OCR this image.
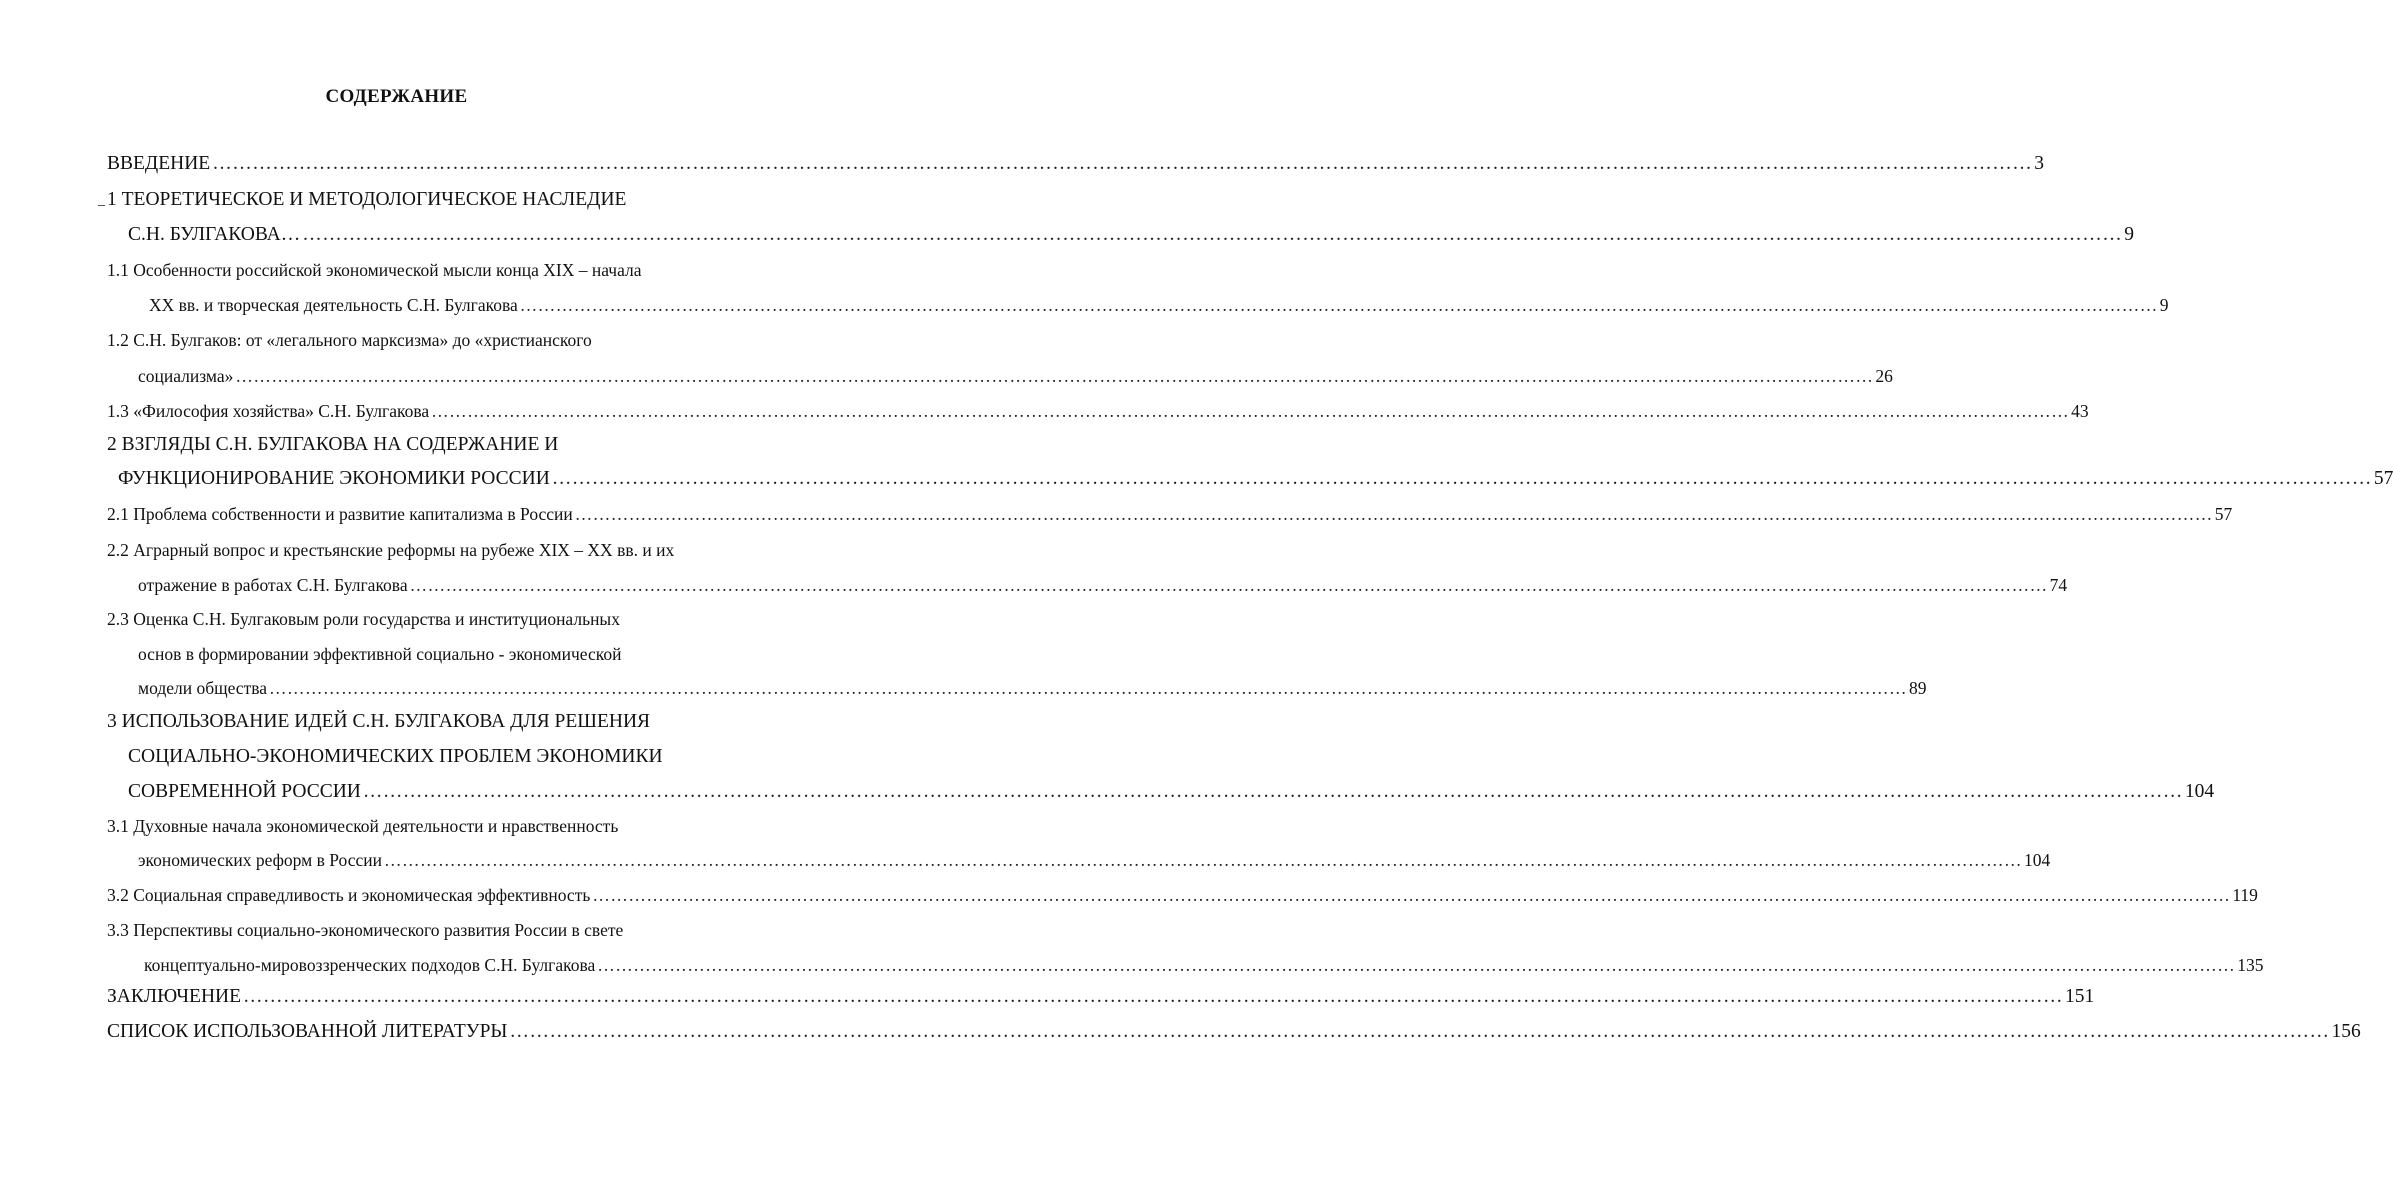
СОДЕРЖАНИЕ
ВВЕДЕНИЕ ………………………………………………………………………………………………………………………………………………………………………………………………………………………………………………… 3
1 ТЕОРЕТИЧЕСКОЕ И МЕТОДОЛОГИЧЕСКОЕ НАСЛЕДИЕ
С.Н. БУЛГАКОВА… ………………………………………………………………………………………………………………………………………………………………………………………………………………………………………………… 9
1.1 Особенности российской экономической мысли конца XIX – начала
XX вв. и творческая деятельность С.Н. Булгакова ………………………………………………………………………………………………………………………………………………………………………………………………………………………………………………… 9
1.2 С.Н. Булгаков: от «легального марксизма» до «христианского
социализма» ………………………………………………………………………………………………………………………………………………………………………………………………………………………………………………… 26
1.3 «Философия хозяйства» С.Н. Булгакова ………………………………………………………………………………………………………………………………………………………………………………………………………………………………………………… 43
2 ВЗГЛЯДЫ С.Н. БУЛГАКОВА НА СОДЕРЖАНИЕ И
ФУНКЦИОНИРОВАНИЕ ЭКОНОМИКИ РОССИИ ………………………………………………………………………………………………………………………………………………………………………………………………………………………………………………… 57
2.1 Проблема собственности и развитие капитализма в России ………………………………………………………………………………………………………………………………………………………………………………………………………………………………………………… 57
2.2 Аграрный вопрос и крестьянские реформы на рубеже XIX – XX вв. и их
отражение в работах С.Н. Булгакова ………………………………………………………………………………………………………………………………………………………………………………………………………………………………………………… 74
2.3 Оценка С.Н. Булгаковым роли государства и институциональных
основ в формировании эффективной социально - экономической
модели общества ………………………………………………………………………………………………………………………………………………………………………………………………………………………………………………… 89
3 ИСПОЛЬЗОВАНИЕ ИДЕЙ С.Н. БУЛГАКОВА ДЛЯ РЕШЕНИЯ
СОЦИАЛЬНО-ЭКОНОМИЧЕСКИХ ПРОБЛЕМ ЭКОНОМИКИ
СОВРЕМЕННОЙ РОССИИ ………………………………………………………………………………………………………………………………………………………………………………………………………………………………………………… 104
3.1 Духовные начала экономической деятельности и нравственность
экономических реформ в России ………………………………………………………………………………………………………………………………………………………………………………………………………………………………………………… 104
3.2 Социальная справедливость и экономическая эффективность ………………………………………………………………………………………………………………………………………………………………………………………………………………………………………………… 119
3.3 Перспективы социально-экономического развития России в свете
концептуально-мировоззренческих подходов С.Н. Булгакова ………………………………………………………………………………………………………………………………………………………………………………………………………………………………………………… 135
ЗАКЛЮЧЕНИЕ ………………………………………………………………………………………………………………………………………………………………………………………………………………………………………………… 151
СПИСОК ИСПОЛЬЗОВАННОЙ ЛИТЕРАТУРЫ ………………………………………………………………………………………………………………………………………………………………………………………………………………………………………………… 156
